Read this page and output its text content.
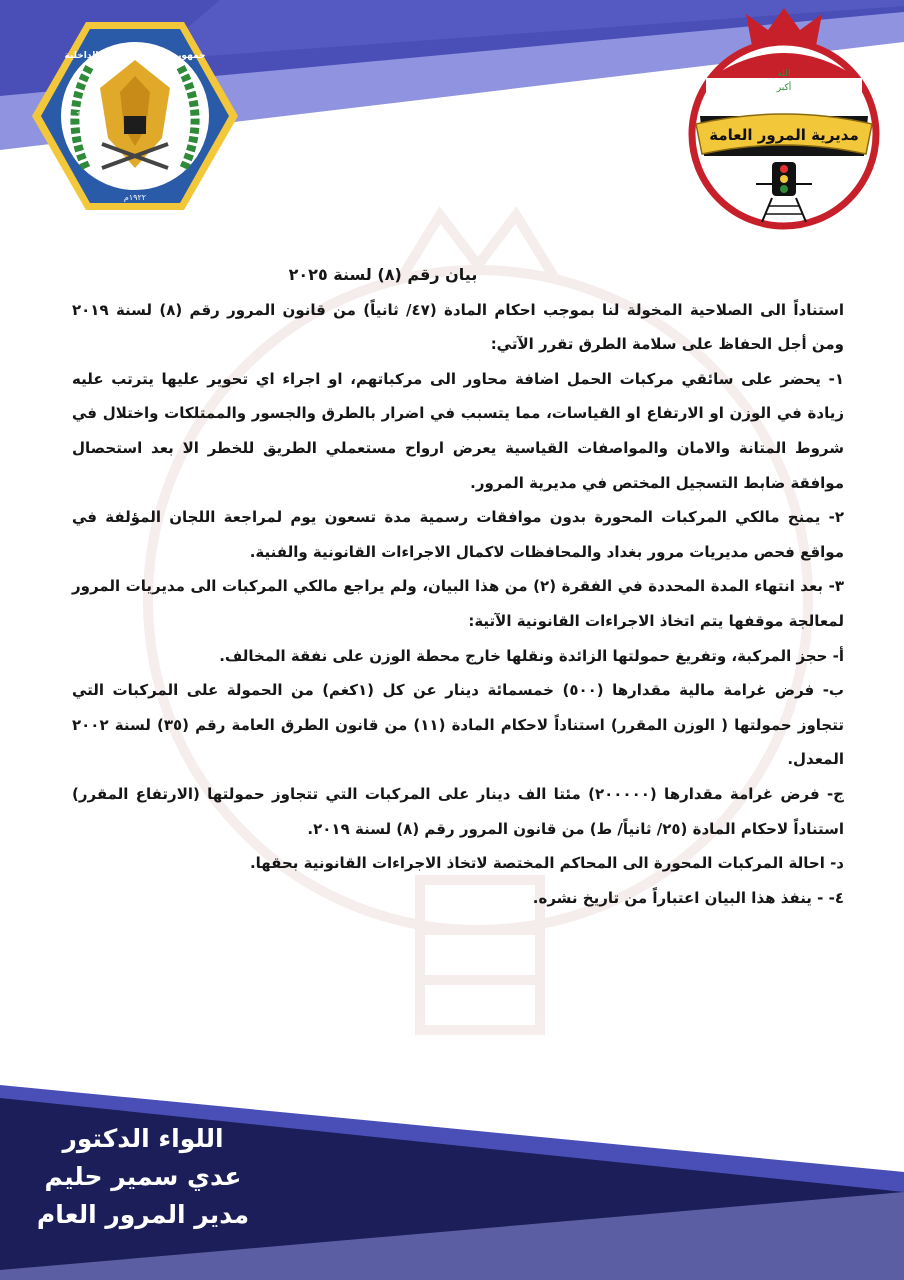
جمهورية العراق - وزارة الداخلية
Ministry of Interior
١٩٢٢م
الله
أكبر
مديرية المرور العامة

بيان رقم (٨) لسنة ٢٠٢٥

استناداً الى الصلاحية المخولة لنا بموجب احكام المادة (٤٧/ ثانياً) من قانون المرور رقم (٨) لسنة ٢٠١٩ ومن أجل الحفاظ على سلامة الطرق تقرر الآتي:

١- يحضر على سائقي مركبات الحمل اضافة محاور الى مركباتهم، او اجراء اي تحوير عليها يترتب عليه زيادة في الوزن او الارتفاع او القياسات، مما يتسبب في اضرار بالطرق والجسور والممتلكات واختلال في شروط المتانة والامان والمواصفات القياسية يعرض ارواح مستعملي الطريق للخطر الا بعد استحصال موافقة ضابط التسجيل المختص في مديرية المرور.

٢- يمنح مالكي المركبات المحورة بدون موافقات رسمية مدة تسعون يوم لمراجعة اللجان المؤلفة في مواقع فحص مديريات مرور بغداد والمحافظات لاكمال الاجراءات القانونية والفنية.

٣- بعد انتهاء المدة المحددة في الفقرة (٢) من هذا البيان، ولم يراجع مالكي المركبات الى مديريات المرور لمعالجة موقفها يتم اتخاذ الاجراءات القانونية الآتية:

أ- حجز المركبة، وتفريغ حمولتها الزائدة ونقلها خارج محطة الوزن على نفقة المخالف.

ب- فرض غرامة مالية مقدارها (٥٠٠) خمسمائة دينار عن كل (١كغم) من الحمولة على المركبات التي تتجاوز حمولتها ( الوزن المقرر) استناداً لاحكام المادة (١١) من قانون الطرق العامة رقم (٣٥) لسنة ٢٠٠٢ المعدل.

ج- فرض غرامة مقدارها (٢٠٠٠٠٠) مئتا الف دينار على المركبات التي تتجاوز حمولتها (الارتفاع المقرر) استناداً لاحكام المادة (٢٥/ ثانياً/ ط) من قانون المرور رقم (٨) لسنة ٢٠١٩.

د- احالة المركبات المحورة الى المحاكم المختصة لاتخاذ الاجراءات القانونية بحقها.

٤- - ينفذ هذا البيان اعتباراً من تاريخ نشره.

اللواء الدكتور
عدي سمير حليم
مدير المرور العام
